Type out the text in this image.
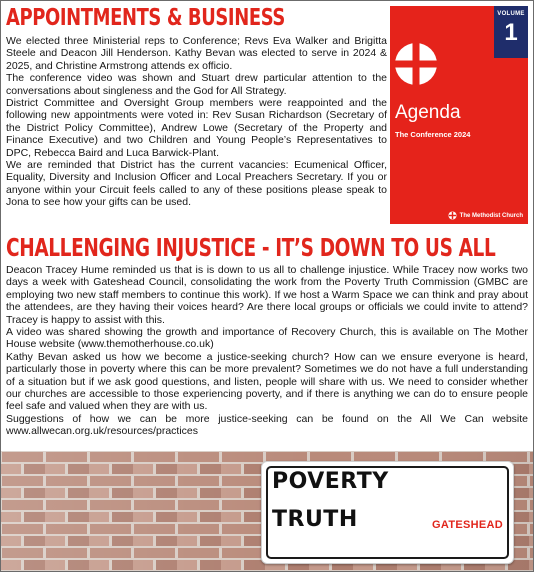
APPOINTMENTS & BUSINESS

We elected three Ministerial reps to Conference; Revs Eva Walker and Brigitta Steele and Deacon Jill Henderson. Kathy Bevan was elected to serve in 2024 & 2025, and Christine Armstrong attends ex officio.

The conference video was shown and Stuart drew particular attention to the conversations about singleness and the God for All Strategy.

District Committee and Oversight Group members were reappointed and the following new appointments were voted in: Rev Susan Richardson (Secretary of the District Policy Committee), Andrew Lowe (Secretary of the Property and Finance Executive) and two Children and Young People’s Representatives to DPC, Rebecca Baird and Luca Barwick-Plant.

We are reminded that District has the current vacancies: Ecumenical Officer, Equality, Diversity and Inclusion Officer and Local Preachers Secretary. If you or anyone within your Circuit feels called to any of these positions please speak to Jona to see how your gifts can be used.

VOLUME
1
Agenda
The Conference 2024
The Methodist Church
CHALLENGING INJUSTICE - IT’S DOWN TO US ALL

Deacon Tracey Hume reminded us that is is down to us all to challenge injustice. While Tracey now works two days a week with Gateshead Council, consolidating the work from the Poverty Truth Commission (GMBC are employing two new staff members to continue this work). If we host a Warm Space we can think and pray about the attendees, are they having their voices heard? Are there local groups or officials we could invite to attend? Tracey is happy to assist with this.

A video was shared showing the growth and importance of Recovery Church, this is available on The Mother House website (www.themotherhouse.co.uk)

Kathy Bevan asked us how we become a justice-seeking church? How can we ensure everyone is heard, particularly those in poverty where this can be more prevalent? Sometimes we do not have a full understanding of a situation but if we ask good questions, and listen, people will share with us. We need to consider whether our churches are accessible to those experiencing poverty, and if there is anything we can do to ensure people feel safe and valued when they are with us.

Suggestions of how we can be more justice-seeking can be found on the All We Can website www.allwecan.org.uk/resources/practices

POVERTY
TRUTH	GATESHEAD
